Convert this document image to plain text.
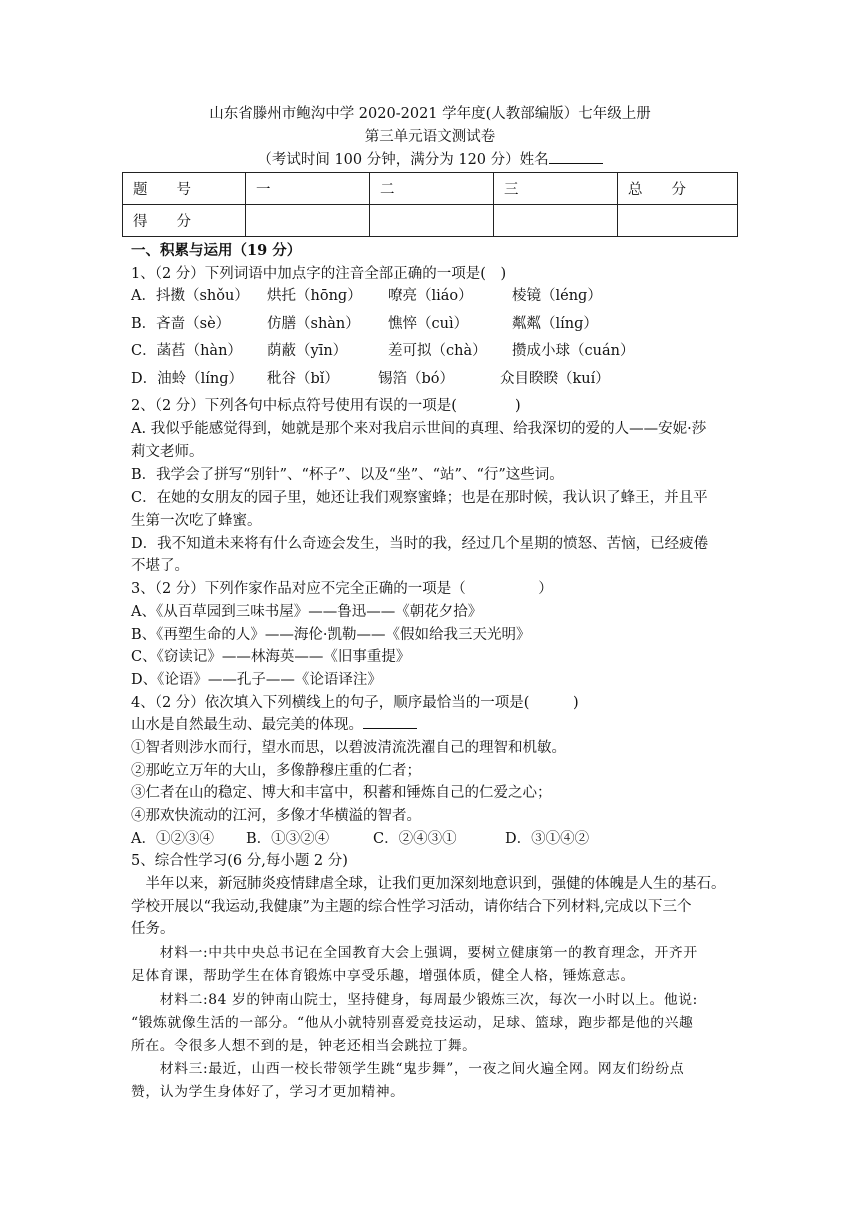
山东省滕州市鲍沟中学 2020-2021 学年度(人教部编版）七年级上册
第三单元语文测试卷
（考试时间 100 分钟，满分为 120 分）姓名
题　　号	一	二	三	总　　分
得　　分				
一、积累与运用（19 分）
1、（2 分）下列词语中加点字的注音全部正确的一项是(　)
A．抖擞（shǒu） 烘托（hōnɡ） 嘹亮（liáo）	棱镜（lénɡ）
B．吝啬（sè）	仿膳（shàn） 憔悴（cuì）	粼粼（línɡ）
C．菡萏（hàn） 荫蔽（yīn）	差可拟（chà） 攒成小球（cuán）
D．油蛉（línɡ） 秕谷（bǐ）	锡箔（bó）	众目睽睽（kuí）
2、（2 分）下列各句中标点符号使用有误的一项是(　　　　)
A. 我似乎能感觉得到，她就是那个来对我启示世间的真理、给我深切的爱的人——安妮·莎
莉文老师。
B．我学会了拼写“别针”、“杯子”、以及“坐”、“站”、“行”这些词。
C．在她的女朋友的园子里，她还让我们观察蜜蜂；也是在那时候，我认识了蜂王，并且平
生第一次吃了蜂蜜。
D．我不知道未来将有什么奇迹会发生，当时的我，经过几个星期的愤怒、苦恼，已经疲倦
不堪了。
3、（2 分）下列作家作品对应不完全正确的一项是（　　　　　）
A、《从百草园到三味书屋》——鲁迅——《朝花夕拾》
B、《再塑生命的人》——海伦·凯勒——《假如给我三天光明》
C、《窃读记》——林海英——《旧事重提》
D、《论语》——孔子——《论语译注》
4、（2 分）依次填入下列横线上的句子，顺序最恰当的一项是(　　　)
山水是自然最生动、最完美的体现。
①智者则涉水而行，望水而思，以碧波清流洗濯自己的理智和机敏。
②那屹立万年的大山，多像静穆庄重的仁者；
③仁者在山的稳定、博大和丰富中，积蓄和锤炼自己的仁爱之心；
④那欢快流动的江河，多像才华横溢的智者。
A．①②③④ B．①③②④	C．②④③①	D．③①④②
5、综合性学习(6 分,每小题 2 分)
　半年以来，新冠肺炎疫情肆虐全球，让我们更加深刻地意识到，强健的体魄是人生的基石。
学校开展以“我运动,我健康”为主题的综合性学习活动，请你结合下列材料,完成以下三个
任务。
　　材料一:中共中央总书记在全国教育大会上强调，要树立健康第一的教育理念，开齐开
足体育课，帮助学生在体育锻炼中享受乐趣，增强体质，健全人格，锤炼意志。
　　材料二:84 岁的钟南山院士，坚持健身，每周最少锻炼三次，每次一小时以上。他说:
“锻炼就像生活的一部分。“他从小就特别喜爱竞技运动，足球、篮球，跑步都是他的兴趣
所在。令很多人想不到的是，钟老还相当会跳拉丁舞。
　　材料三:最近，山西一校长带领学生跳“鬼步舞”，一夜之间火遍全网。网友们纷纷点
赞，认为学生身体好了，学习才更加精神。
